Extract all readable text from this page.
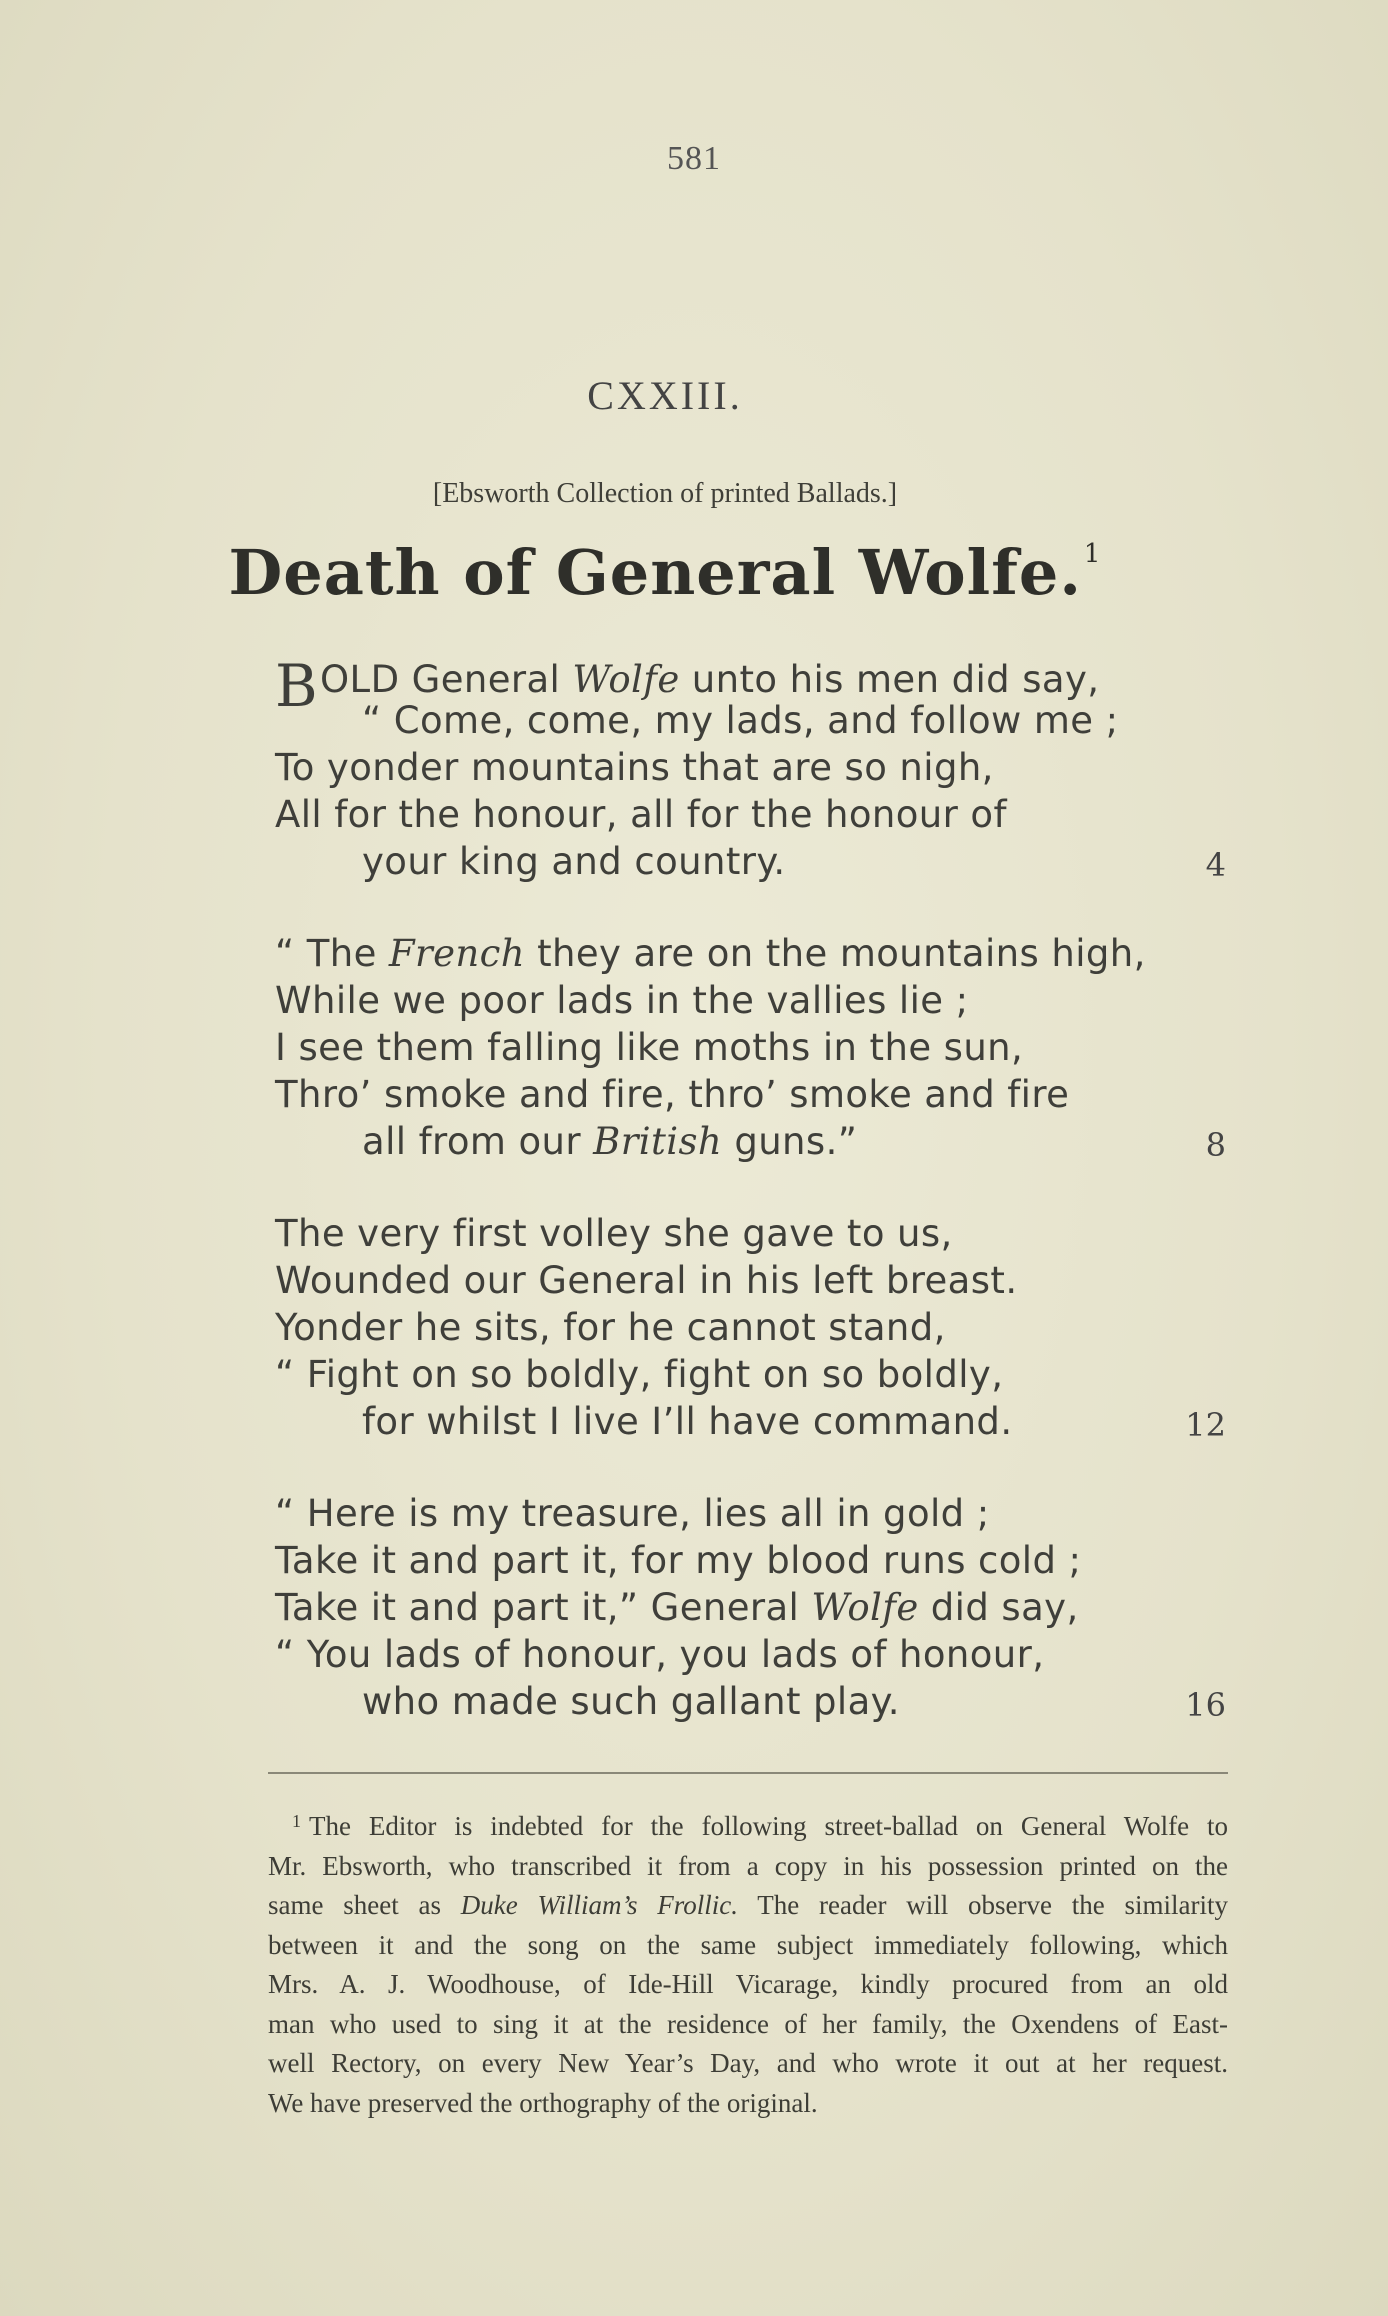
581
CXXIII.
[Ebsworth Collection of printed Ballads.]
Death of General Wolfe.$^1$
BOLD General Wolfe unto his men did say,
“ Come, come, my lads, and follow me ;
To yonder mountains that are so nigh,
All for the honour, all for the honour of
your king and country.	4
“ The French they are on the mountains high,
While we poor lads in the vallies lie ;
I see them falling like moths in the sun,
Thro’ smoke and fire, thro’ smoke and fire
all from our British guns.”	8
The very first volley she gave to us,
Wounded our General in his left breast.
Yonder he sits, for he cannot stand,
“ Fight on so boldly, fight on so boldly,
for whilst I live I’ll have command.	12
“ Here is my treasure, lies all in gold ;
Take it and part it, for my blood runs cold ;
Take it and part it,” General Wolfe did say,
“ You lads of honour, you lads of honour,
who made such gallant play.	16
$^1$ The Editor is indebted for the following street-ballad on General Wolfe to
Mr. Ebsworth, who transcribed it from a copy in his possession printed on the
same sheet as Duke William’s Frollic. The reader will observe the similarity
between it and the song on the same subject immediately following, which
Mrs. A. J. Woodhouse, of Ide-Hill Vicarage, kindly procured from an old
man who used to sing it at the residence of her family, the Oxendens of East-
well Rectory, on every New Year’s Day, and who wrote it out at her request.
We have preserved the orthography of the original.
